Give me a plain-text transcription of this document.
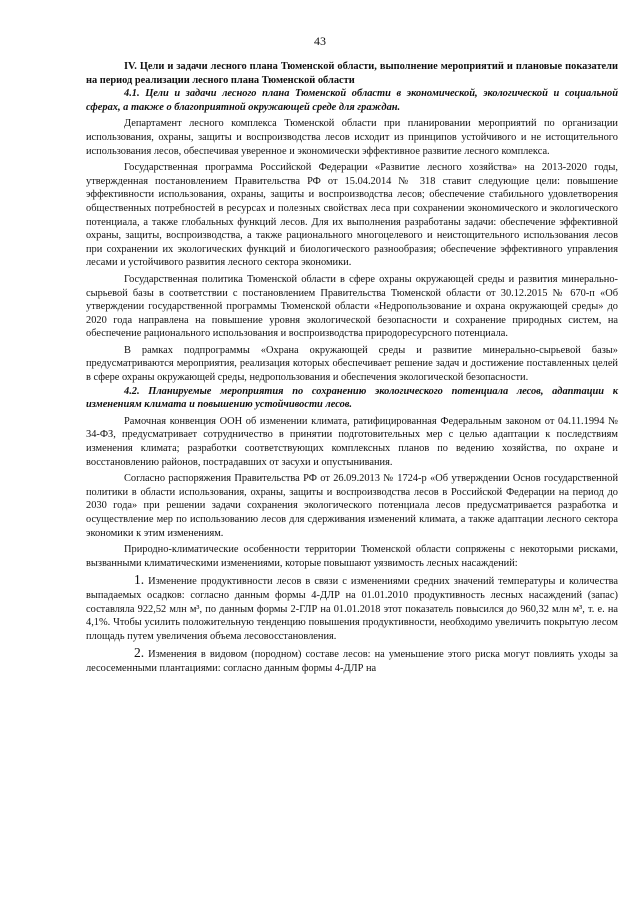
43

IV. Цели и задачи лесного плана Тюменской области, выполнение мероприятий и плановые показатели на период реализации лесного плана Тюменской области

4.1. Цели и задачи лесного плана Тюменской области в экономической, экологической и социальной сферах, а также о благоприятной окружающей среде для граждан.

Департамент лесного комплекса Тюменской области при планировании мероприятий по организации использования, охраны, защиты и воспроизводства лесов исходит из принципов устойчивого и не истощительного использования лесов, обеспечивая уверенное и экономически эффективное развитие лесного комплекса.

Государственная программа Российской Федерации «Развитие лесного хозяйства» на 2013-2020 годы, утвержденная постановлением Правительства РФ от 15.04.2014 № 318 ставит следующие цели: повышение эффективности использования, охраны, защиты и воспроизводства лесов; обеспечение стабильного удовлетворения общественных потребностей в ресурсах и полезных свойствах леса при сохранении экономического и экологического потенциала, а также глобальных функций лесов. Для их выполнения разработаны задачи: обеспечение эффективной охраны, защиты, воспроизводства, а также рационального многоцелевого и неистощительного использования лесов при сохранении их экологических функций и биологического разнообразия; обеспечение эффективного управления лесами и устойчивого развития лесного сектора экономики.

Государственная политика Тюменской области в сфере охраны окружающей среды и развития минерально-сырьевой базы в соответствии с постановлением Правительства Тюменской области от 30.12.2015 № 670-п «Об утверждении государственной программы Тюменской области «Недропользование и охрана окружающей среды» до 2020 года направлена на повышение уровня экологической безопасности и сохранение природных систем, на обеспечение рационального использования и воспроизводства природоресурсного потенциала.

В рамках подпрограммы «Охрана окружающей среды и развитие минерально-сырьевой базы» предусматриваются мероприятия, реализация которых обеспечивает решение задач и достижение поставленных целей в сфере охраны окружающей среды, недропользования и обеспечения экологической безопасности.

4.2. Планируемые мероприятия по сохранению экологического потенциала лесов, адаптации к изменениям климата и повышению устойчивости лесов.

Рамочная конвенция ООН об изменении климата, ратифицированная Федеральным законом от 04.11.1994 № 34-ФЗ, предусматривает сотрудничество в принятии подготовительных мер с целью адаптации к последствиям изменения климата; разработки соответствующих комплексных планов по ведению хозяйства, по охране и восстановлению районов, пострадавших от засухи и опустынивания.

Согласно распоряжения Правительства РФ от 26.09.2013 № 1724-р «Об утверждении Основ государственной политики в области использования, охраны, защиты и воспроизводства лесов в Российской Федерации на период до 2030 года» при решении задачи сохранения экологического потенциала лесов предусматривается разработка и осуществление мер по использованию лесов для сдерживания изменений климата, а также адаптации лесного сектора экономики к этим изменениям.

Природно-климатические особенности территории Тюменской области сопряжены с некоторыми рисками, вызванными климатическими изменениями, которые повышают уязвимость лесных насаждений:

1. Изменение продуктивности лесов в связи с изменениями средних значений температуры и количества выпадаемых осадков: согласно данным формы 4-ДЛР на 01.01.2010 продуктивность лесных насаждений (запас) составляла 922,52 млн м³, по данным формы 2-ГЛР на 01.01.2018 этот показатель повысился до 960,32 млн м³, т. е. на 4,1%. Чтобы усилить положительную тенденцию повышения продуктивности, необходимо увеличить покрытую лесом площадь путем увеличения объема лесовосстановления.

2. Изменения в видовом (породном) составе лесов: на уменьшение этого риска могут повлиять уходы за лесосеменными плантациями: согласно данным формы 4-ДЛР на
